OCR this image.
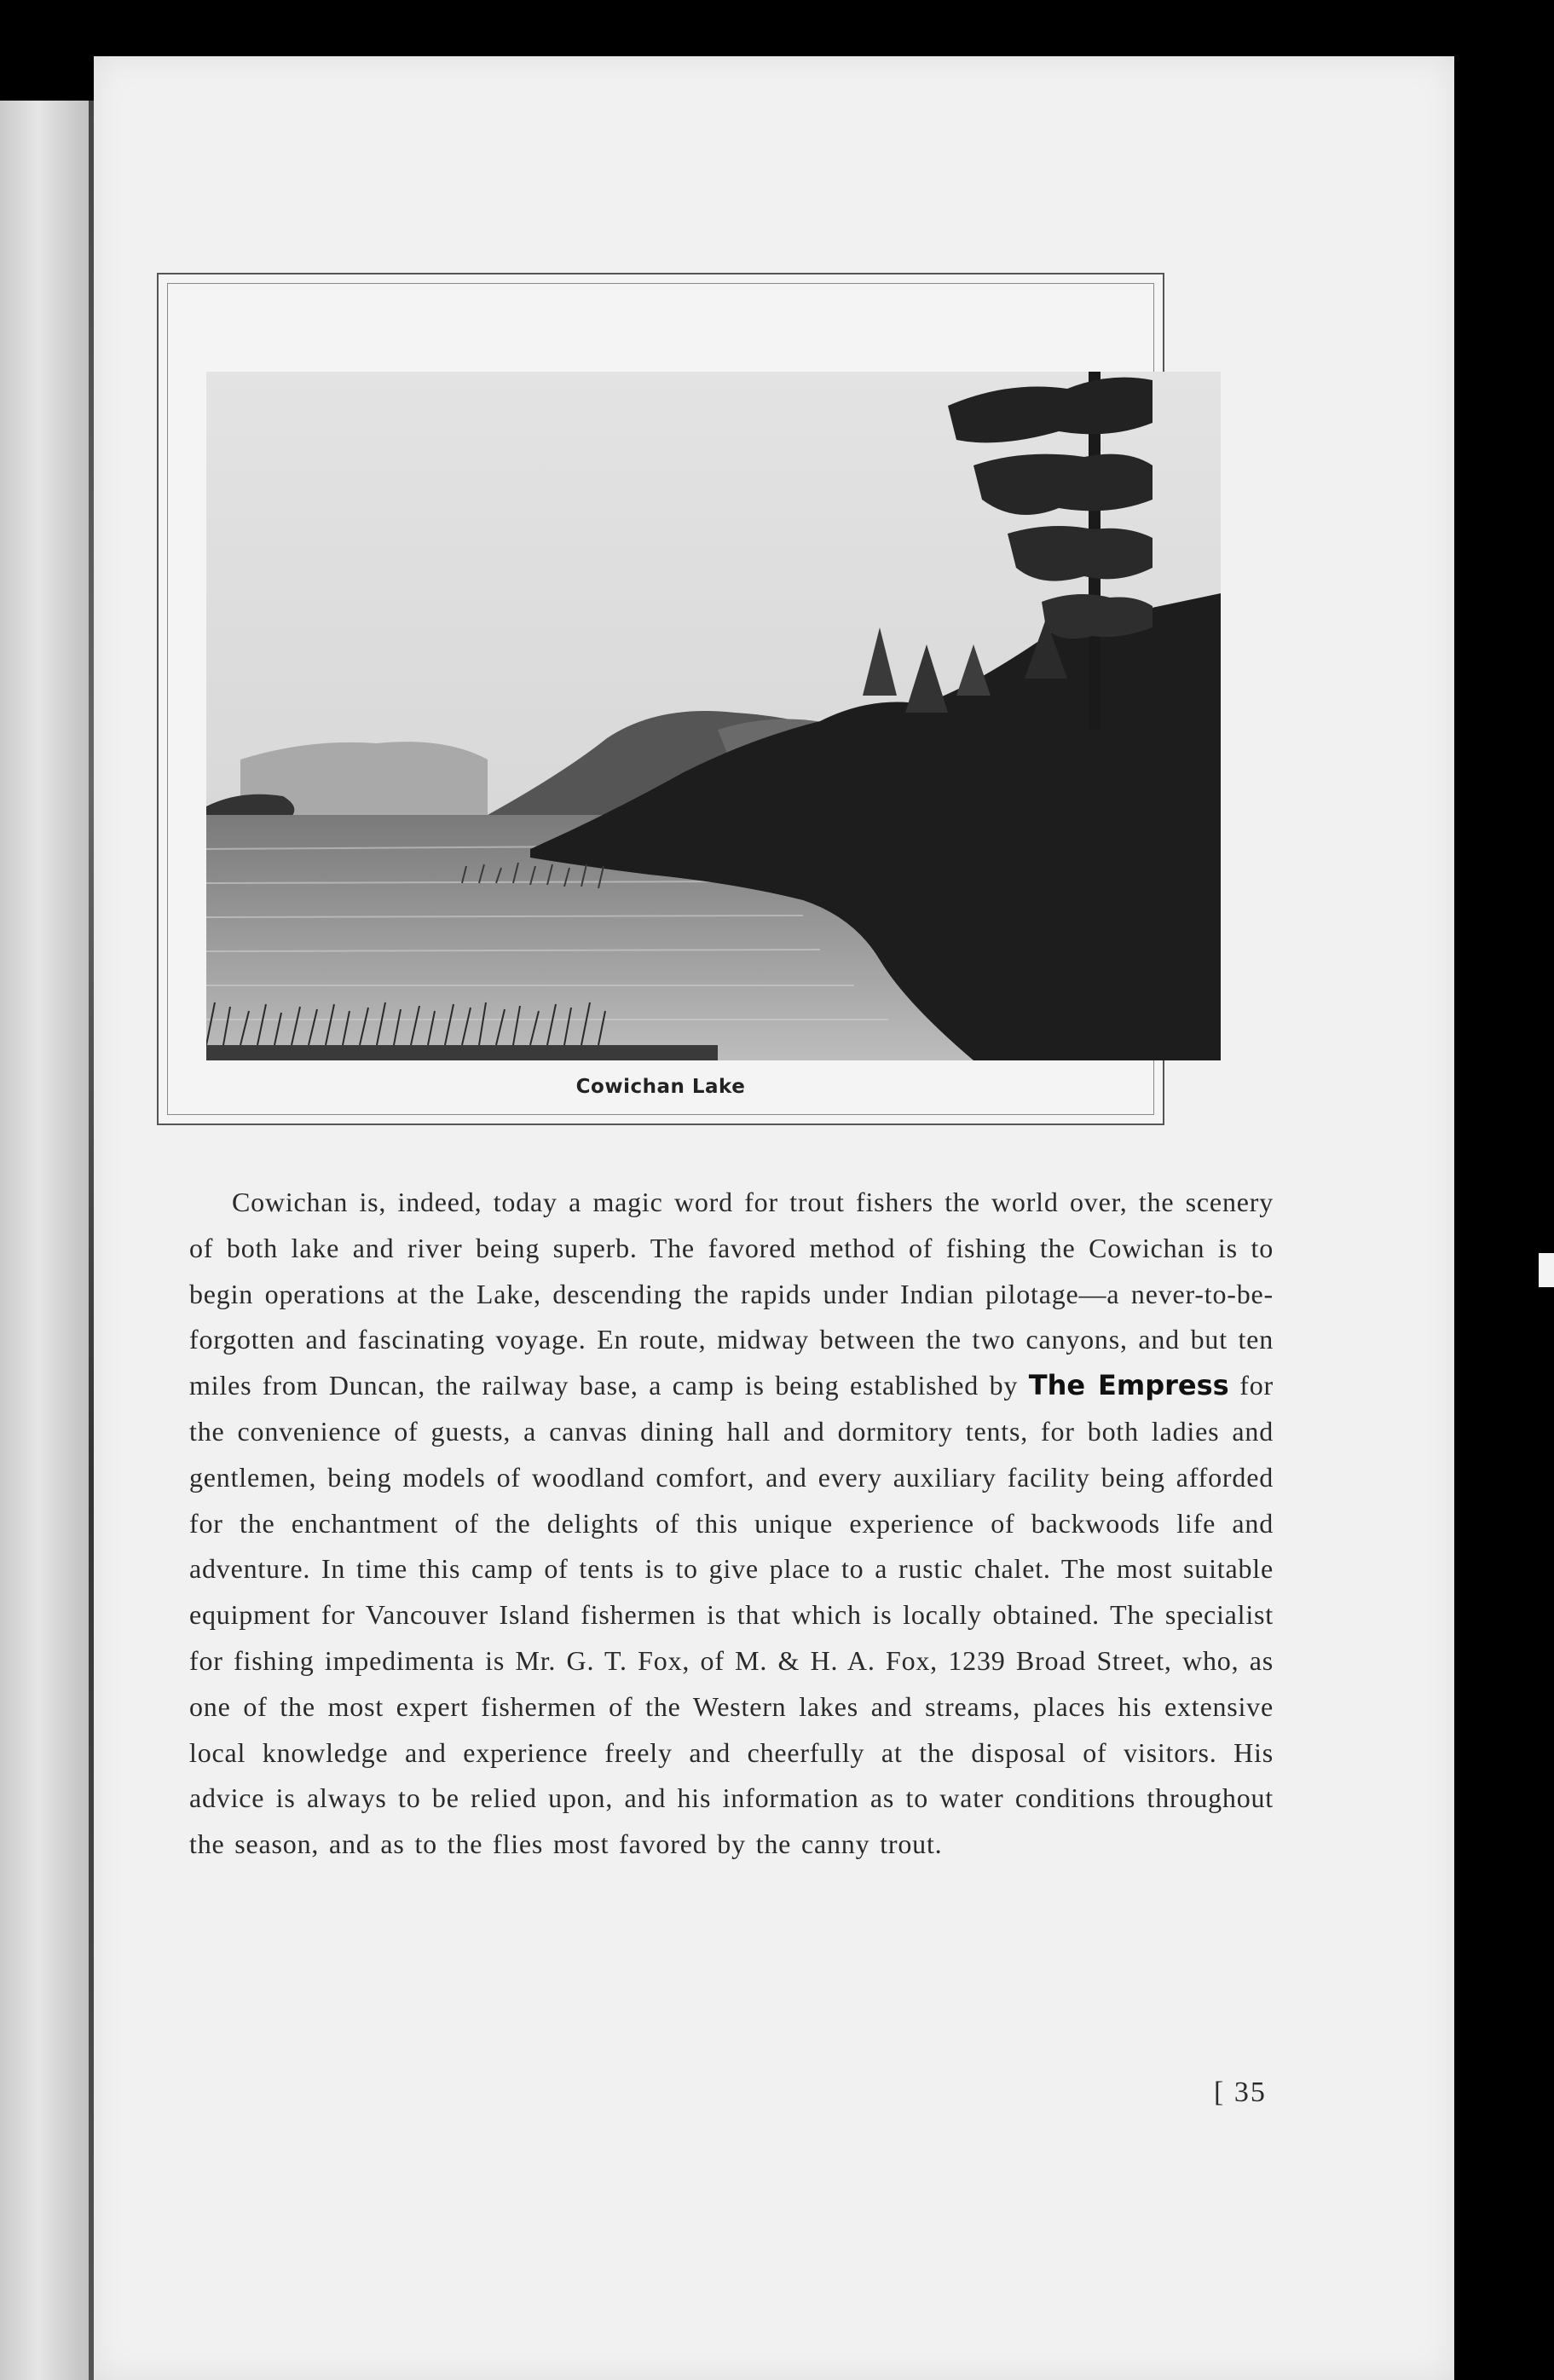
Cowichan Lake

Cowichan is, indeed, today a magic word for trout fishers the world over, the scenery of both lake and river being superb. The favored method of fishing the Cowichan is to begin operations at the Lake, descending the rapids under Indian pilotage—a never-to-be-forgotten and fascinating voyage. En route, midway between the two canyons, and but ten miles from Duncan, the railway base, a camp is being established by The Empress for the convenience of guests, a canvas dining hall and dormitory tents, for both ladies and gentlemen, being models of woodland comfort, and every auxiliary facility being afforded for the enchantment of the delights of this unique experience of backwoods life and adventure. In time this camp of tents is to give place to a rustic chalet. The most suitable equipment for Vancouver Island fishermen is that which is locally obtained. The specialist for fishing impedimenta is Mr. G. T. Fox, of M. & H. A. Fox, 1239 Broad Street, who, as one of the most expert fishermen of the Western lakes and streams, places his extensive local knowledge and experience freely and cheerfully at the disposal of visitors. His advice is always to be relied upon, and his information as to water conditions throughout the season, and as to the flies most favored by the canny trout.

[ 35
